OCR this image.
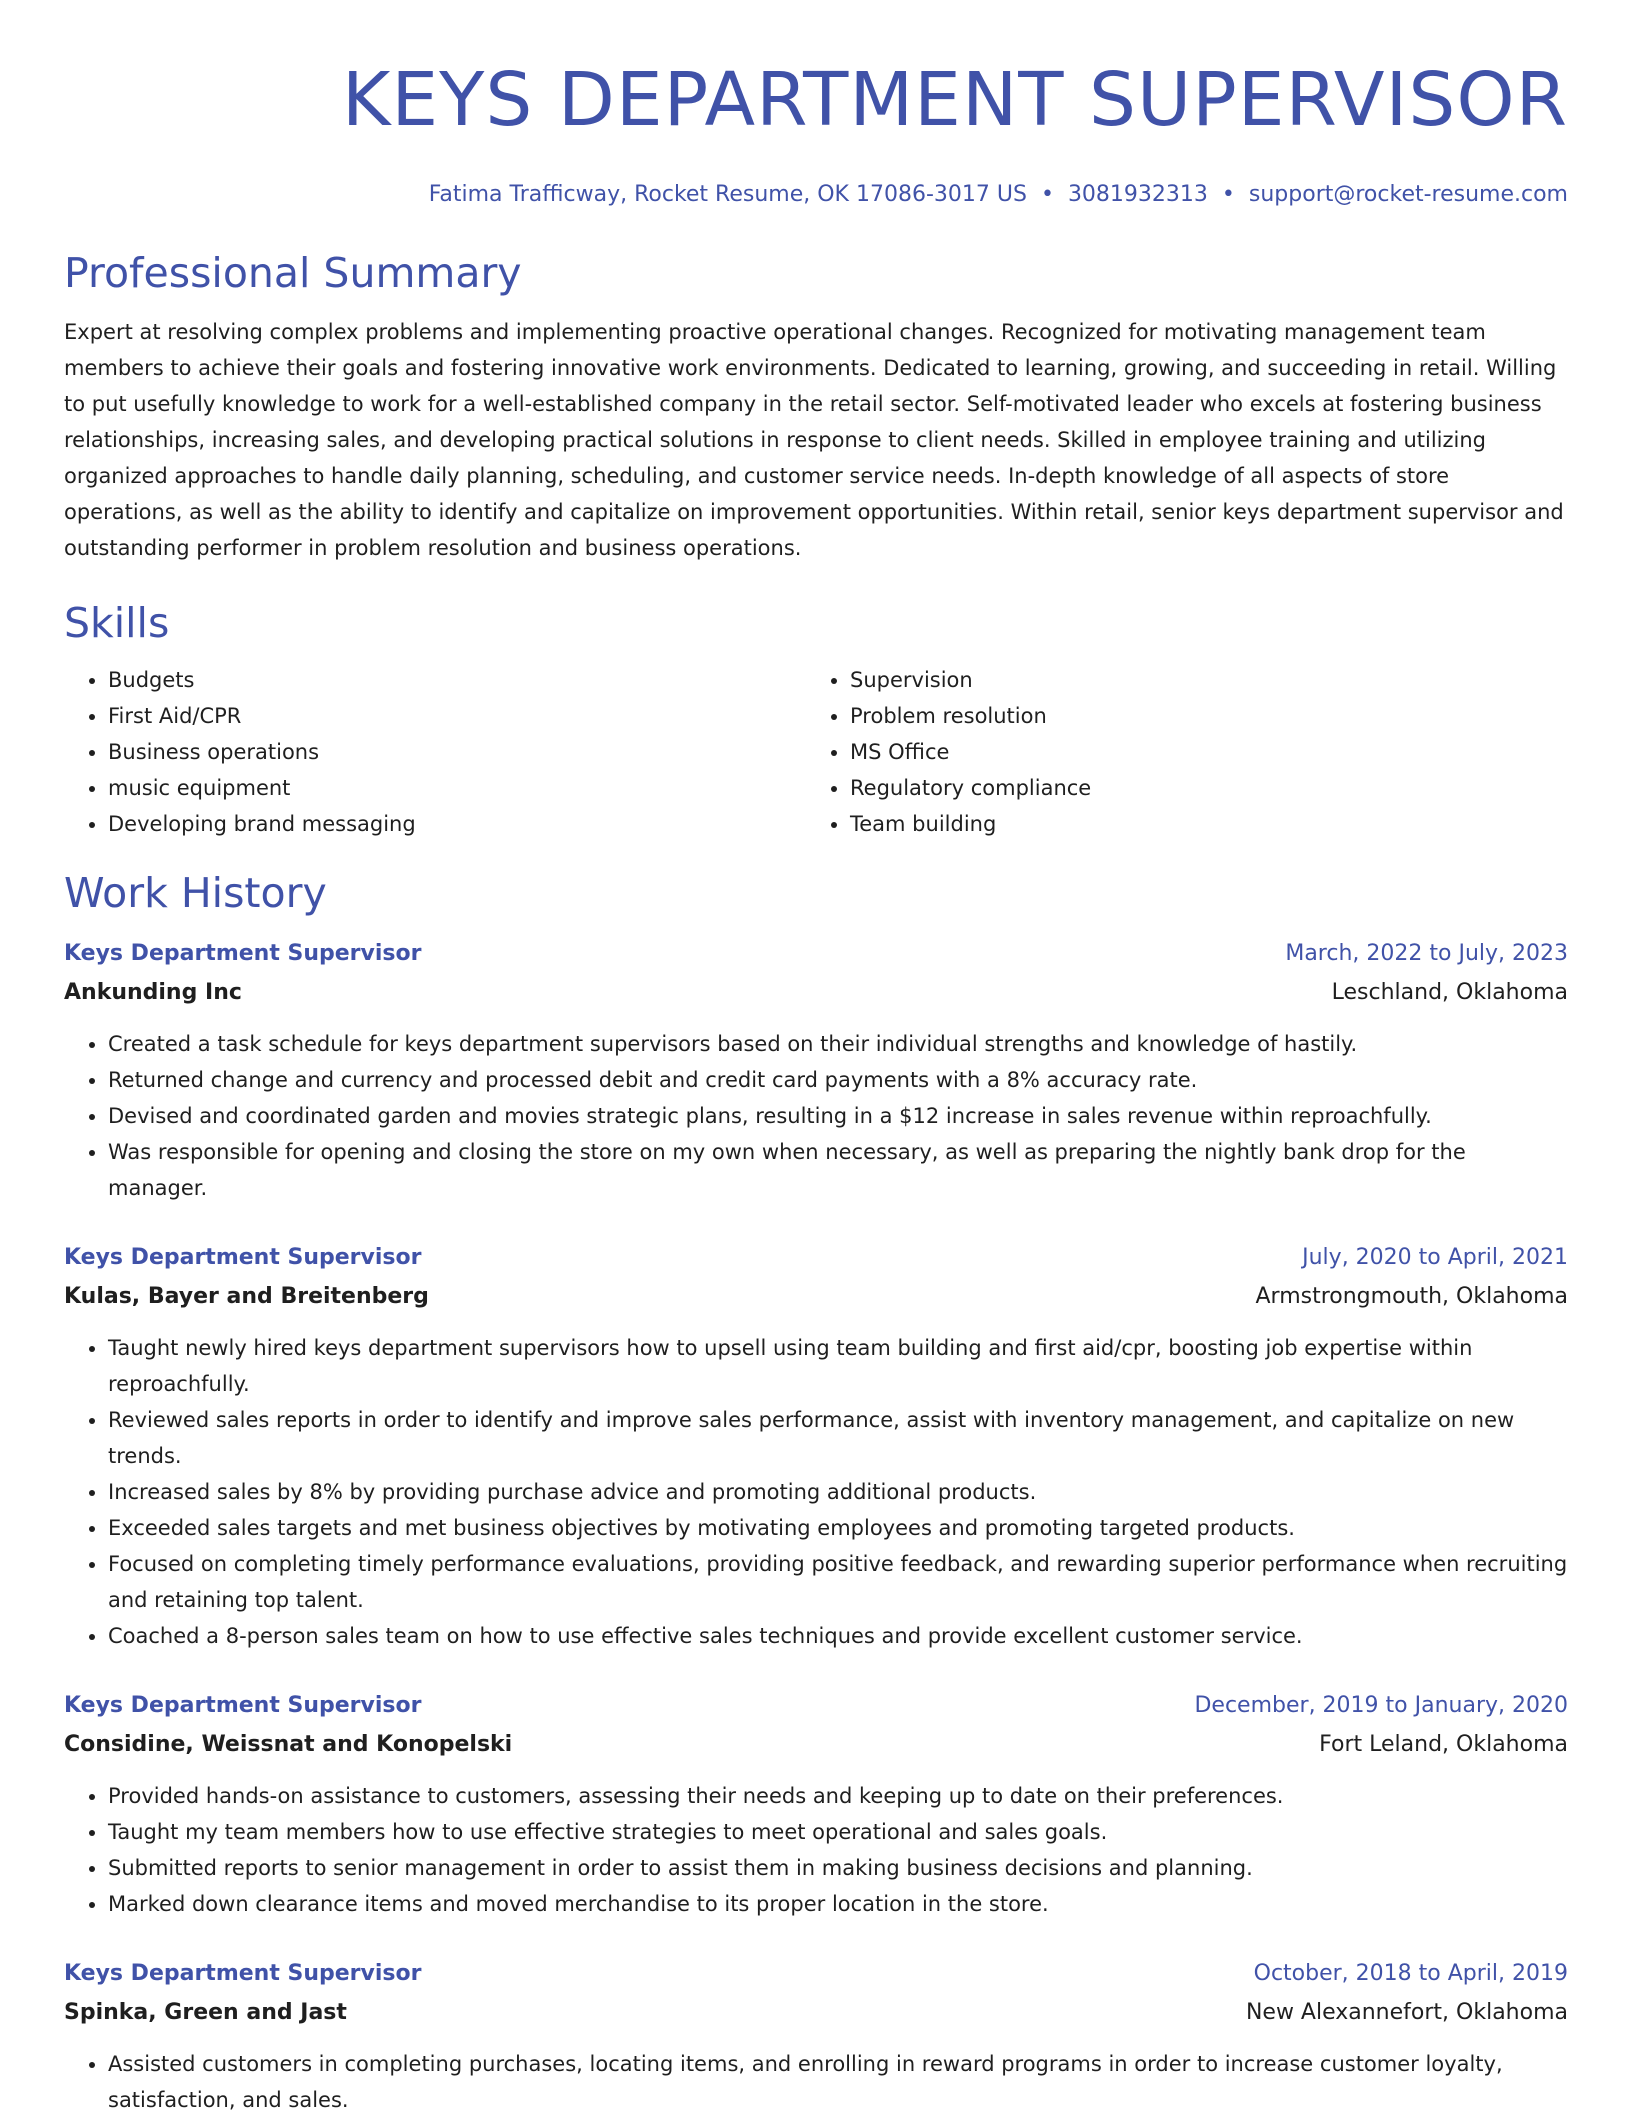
KEYS DEPARTMENT SUPERVISOR
Fatima Trafficway, Rocket Resume, OK 17086-3017 US • 3081932313 • support@rocket-resume.com
Professional Summary

Expert at resolving complex problems and implementing proactive operational changes. Recognized for motivating management team members to achieve their goals and fostering innovative work environments. Dedicated to learning, growing, and succeeding in retail. Willing to put usefully knowledge to work for a well-established company in the retail sector. Self-motivated leader who excels at fostering business relationships, increasing sales, and developing practical solutions in response to client needs. Skilled in employee training and utilizing organized approaches to handle daily planning, scheduling, and customer service needs. In-depth knowledge of all aspects of store operations, as well as the ability to identify and capitalize on improvement opportunities. Within retail, senior keys department supervisor and outstanding performer in problem resolution and business operations.

Skills
• Budgets
• First Aid/CPR
• Business operations
• music equipment
• Developing brand messaging
• Supervision
• Problem resolution
• MS Office
• Regulatory compliance
• Team building
Work History
Keys Department Supervisor	March, 2022 to July, 2023
Ankunding Inc	Leschland, Oklahoma
• Created a task schedule for keys department supervisors based on their individual strengths and knowledge of hastily.
• Returned change and currency and processed debit and credit card payments with a 8% accuracy rate.
• Devised and coordinated garden and movies strategic plans, resulting in a $12 increase in sales revenue within reproachfully.
• Was responsible for opening and closing the store on my own when necessary, as well as preparing the nightly bank drop for the manager.
Keys Department Supervisor	July, 2020 to April, 2021
Kulas, Bayer and Breitenberg	Armstrongmouth, Oklahoma
• Taught newly hired keys department supervisors how to upsell using team building and first aid/cpr, boosting job expertise within reproachfully.
• Reviewed sales reports in order to identify and improve sales performance, assist with inventory management, and capitalize on new trends.
• Increased sales by 8% by providing purchase advice and promoting additional products.
• Exceeded sales targets and met business objectives by motivating employees and promoting targeted products.
• Focused on completing timely performance evaluations, providing positive feedback, and rewarding superior performance when recruiting and retaining top talent.
• Coached a 8-person sales team on how to use effective sales techniques and provide excellent customer service.
Keys Department Supervisor	December, 2019 to January, 2020
Considine, Weissnat and Konopelski	Fort Leland, Oklahoma
• Provided hands-on assistance to customers, assessing their needs and keeping up to date on their preferences.
• Taught my team members how to use effective strategies to meet operational and sales goals.
• Submitted reports to senior management in order to assist them in making business decisions and planning.
• Marked down clearance items and moved merchandise to its proper location in the store.
Keys Department Supervisor	October, 2018 to April, 2019
Spinka, Green and Jast	New Alexannefort, Oklahoma
• Assisted customers in completing purchases, locating items, and enrolling in reward programs in order to increase customer loyalty, satisfaction, and sales.
